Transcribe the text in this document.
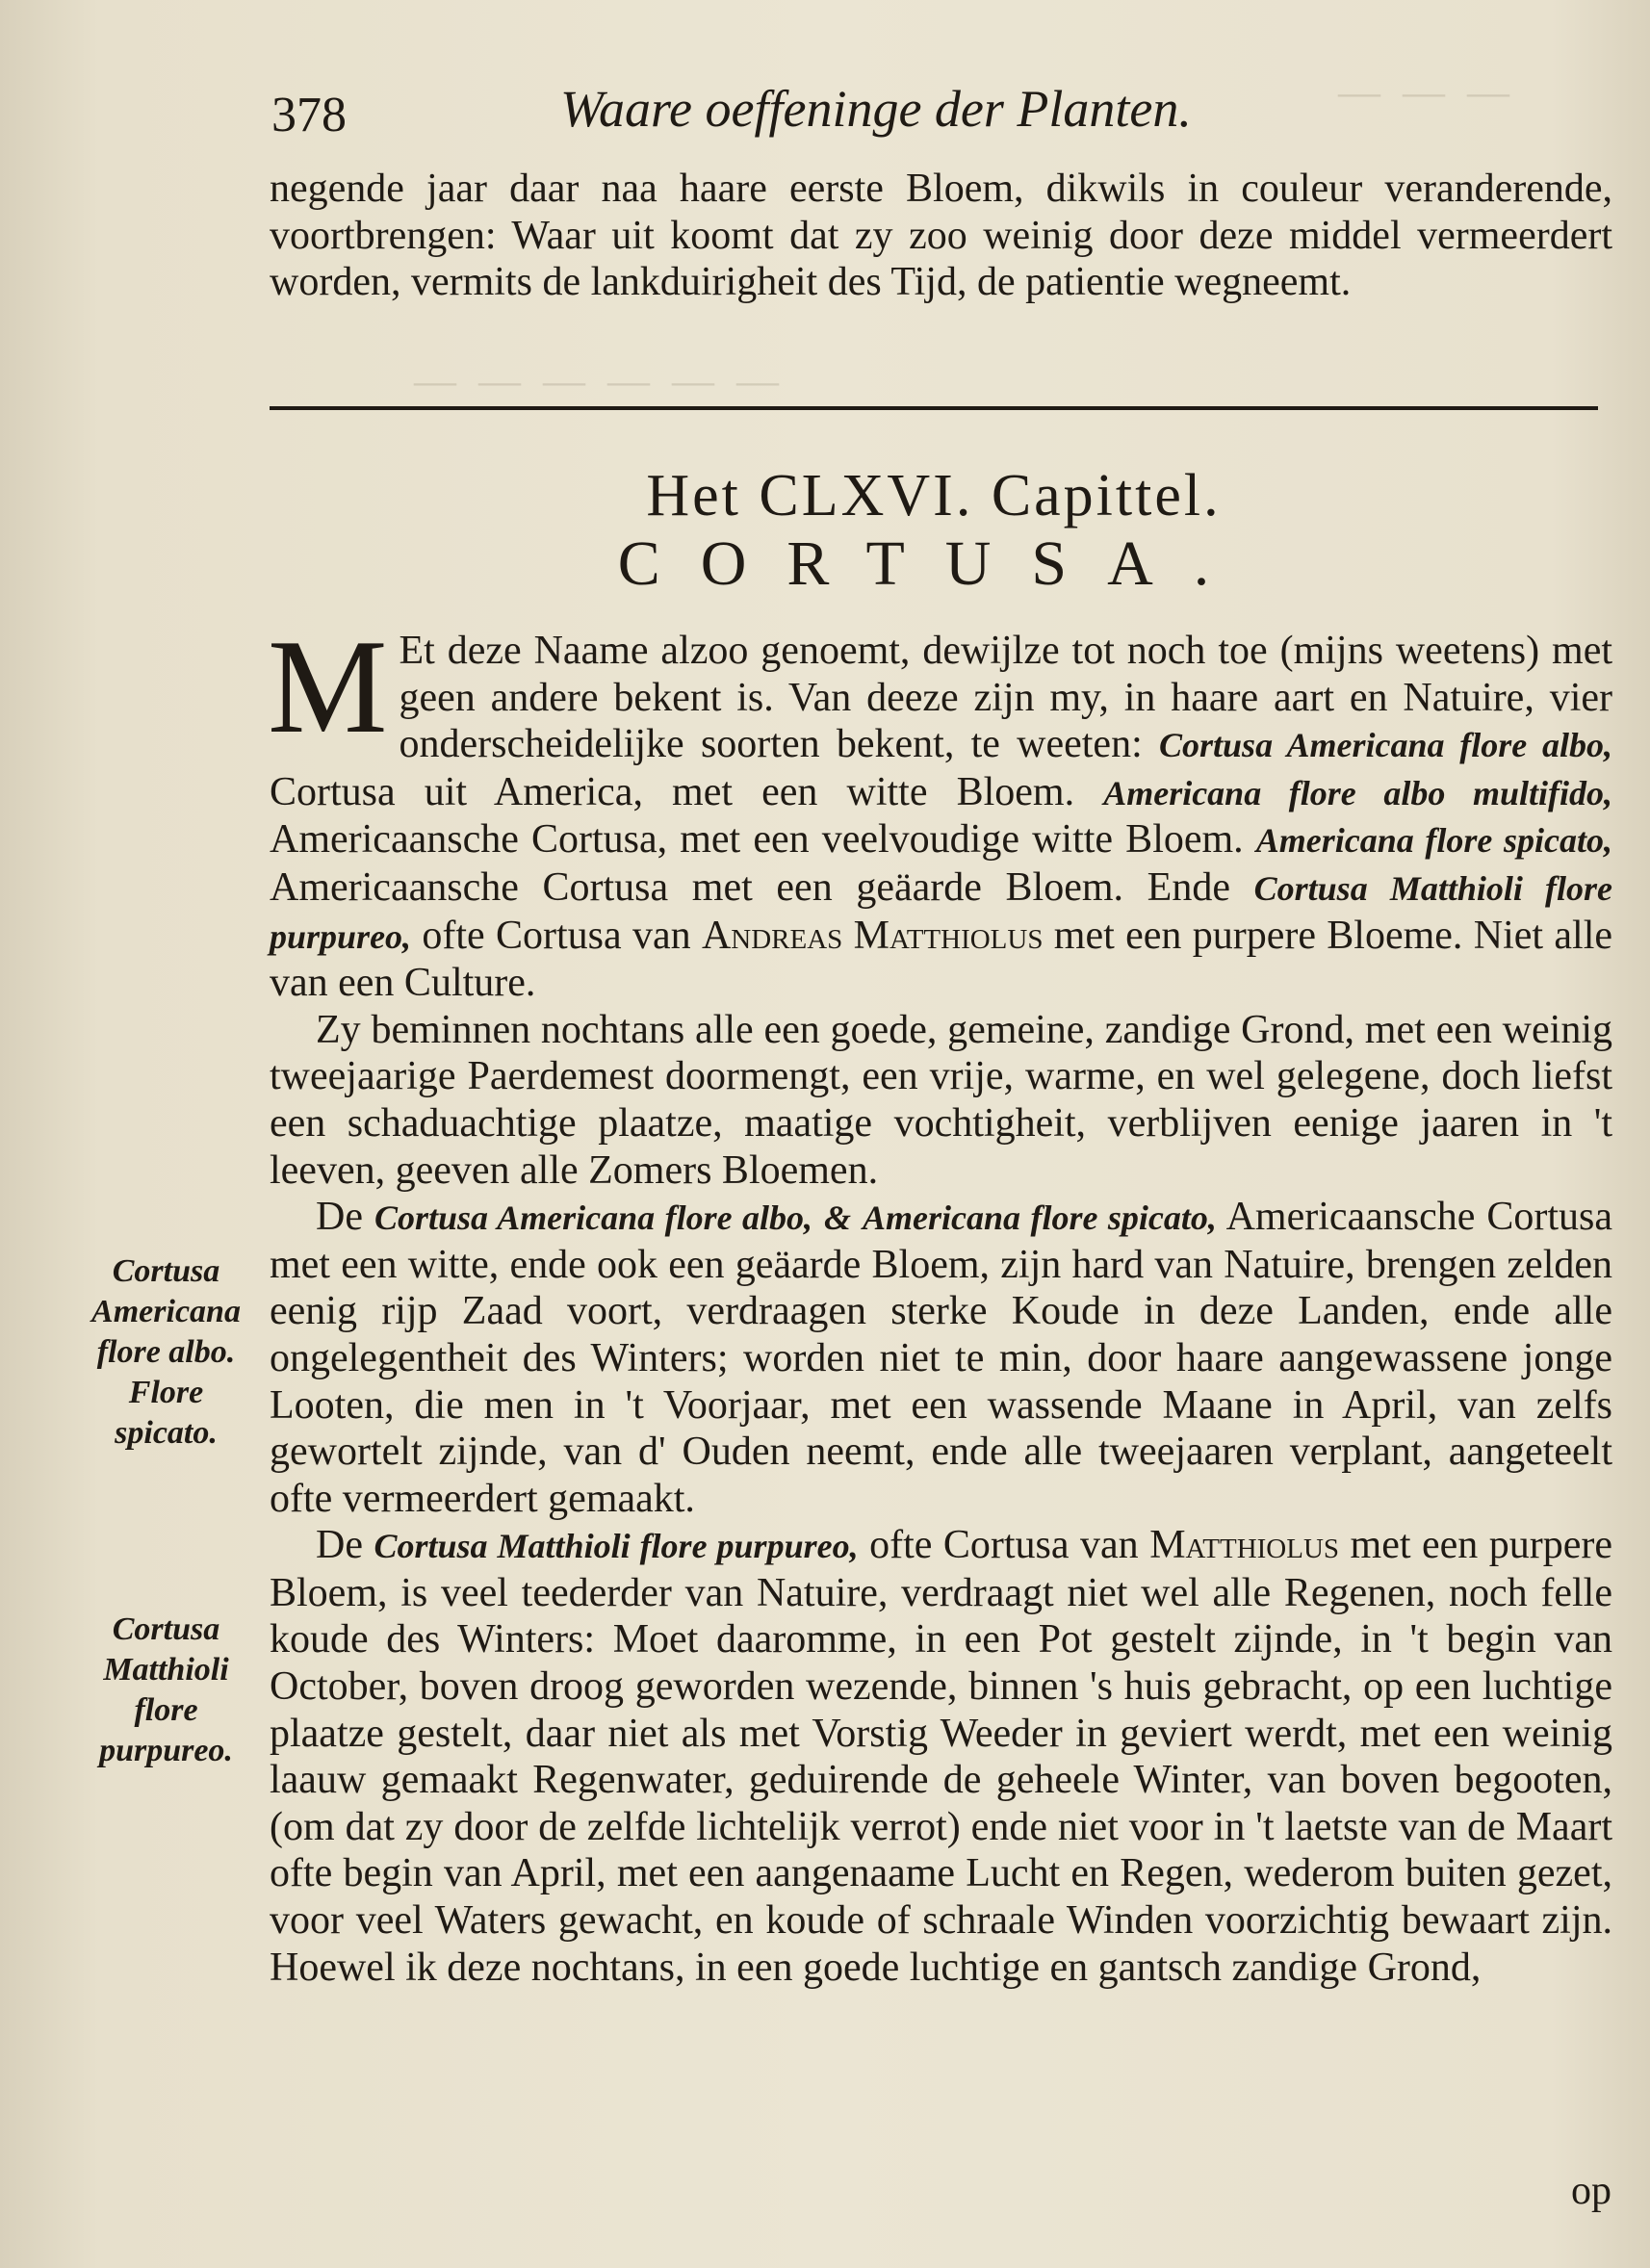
— — —
— — — — — —
378	Waare oeffeninge der Planten.
negende jaar daar naa haare eerste Bloem, dikwils in couleur veranderende, voortbrengen: Waar uit koomt dat zy zoo weinig door deze middel vermeerdert worden, vermits de lankduirigheit des Tijd, de patientie wegneemt.
Het CLXVI. Capittel.
CORTUSA.

M Et deze Naame alzoo genoemt, dewijlze tot noch toe (mijns weetens) met geen andere bekent is. Van deeze zijn my, in haare aart en Natuire, vier onderscheidelijke soorten bekent, te weeten: Cortusa Americana flore albo, Cortusa uit America, met een witte Bloem. Americana flore albo multifido, Americaansche Cortusa, met een veelvoudige witte Bloem. Americana flore spicato, Americaansche Cortusa met een geäarde Bloem. Ende Cortusa Matthioli flore purpureo, ofte Cortusa van Andreas Matthiolus met een purpere Bloeme. Niet alle van een Culture.

Zy beminnen nochtans alle een goede, gemeine, zandige Grond, met een weinig tweejaarige Paerdemest doormengt, een vrije, warme, en wel gelegene, doch liefst een schaduachtige plaatze, maatige vochtigheit, verblijven eenige jaaren in 't leeven, geeven alle Zomers Bloemen.

De Cortusa Americana flore albo, & Americana flore spicato, Americaansche Cortusa met een witte, ende ook een geäarde Bloem, zijn hard van Natuire, brengen zelden eenig rijp Zaad voort, verdraagen sterke Koude in deze Landen, ende alle ongelegentheit des Winters; worden niet te min, door haare aangewassene jonge Looten, die men in 't Voorjaar, met een wassende Maane in April, van zelfs gewortelt zijnde, van d' Ouden neemt, ende alle tweejaaren verplant, aangeteelt ofte vermeerdert gemaakt.

De Cortusa Matthioli flore purpureo, ofte Cortusa van Matthiolus met een purpere Bloem, is veel teederder van Natuire, verdraagt niet wel alle Regenen, noch felle koude des Winters: Moet daaromme, in een Pot gestelt zijnde, in 't begin van October, boven droog geworden wezende, binnen 's huis gebracht, op een luchtige plaatze gestelt, daar niet als met Vorstig Weeder in geviert werdt, met een weinig laauw gemaakt Regenwater, geduirende de geheele Winter, van boven begooten, (om dat zy door de zelfde lichtelijk verrot) ende niet voor in 't laetste van de Maart ofte begin van April, met een aangenaame Lucht en Regen, wederom buiten gezet, voor veel Waters gewacht, en koude of schraale Winden voorzichtig bewaart zijn. Hoewel ik deze nochtans, in een goede luchtige en gantsch zandige Grond,

Cortusa Americana flore albo. Flore spicato.
Cortusa Matthioli flore purpureo.
op
